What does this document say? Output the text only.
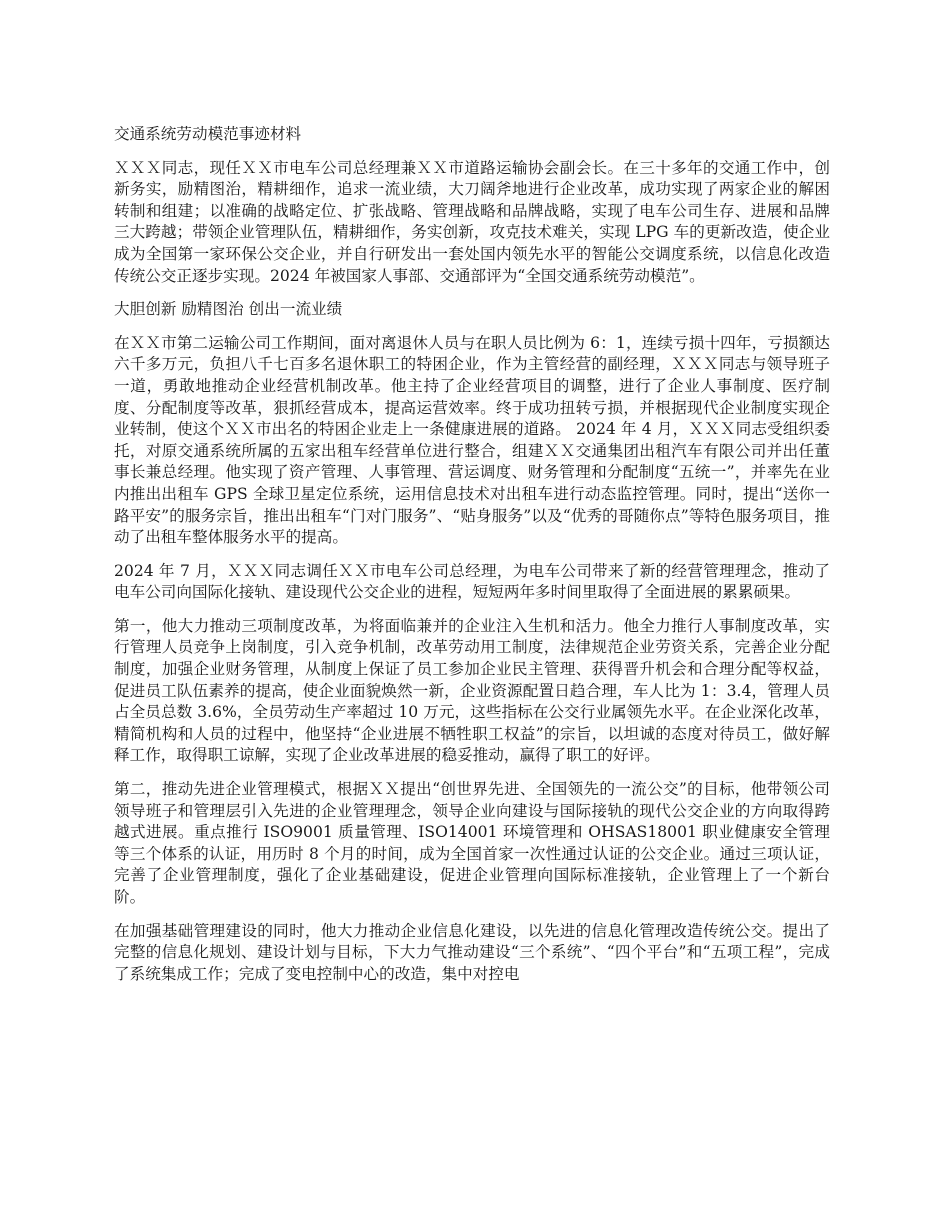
交通系统劳动模范事迹材料

ＸＸＸ同志，现任ＸＸ市电车公司总经理兼ＸＸ市道路运输协会副会长。在三十多年的交通工作中，创新务实，励精图治，精耕细作，追求一流业绩，大刀阔斧地进行企业改革，成功实现了两家企业的解困转制和组建；以准确的战略定位、扩张战略、管理战略和品牌战略，实现了电车公司生存、进展和品牌三大跨越；带领企业管理队伍，精耕细作，务实创新，攻克技术难关，实现 LPG 车的更新改造，使企业成为全国第一家环保公交企业，并自行研发出一套处国内领先水平的智能公交调度系统，以信息化改造传统公交正逐步实现。2024 年被国家人事部、交通部评为“全国交通系统劳动模范”。

大胆创新 励精图治 创出一流业绩

在ＸＸ市第二运输公司工作期间，面对离退休人员与在职人员比例为 6：1，连续亏损十四年，亏损额达六千多万元，负担八千七百多名退休职工的特困企业，作为主管经营的副经理，ＸＸＸ同志与领导班子一道，勇敢地推动企业经营机制改革。他主持了企业经营项目的调整，进行了企业人事制度、医疗制度、分配制度等改革，狠抓经营成本，提高运营效率。终于成功扭转亏损，并根据现代企业制度实现企业转制，使这个ＸＸ市出名的特困企业走上一条健康进展的道路。 2024 年 4 月，ＸＸＸ同志受组织委托，对原交通系统所属的五家出租车经营单位进行整合，组建ＸＸ交通集团出租汽车有限公司并出任董事长兼总经理。他实现了资产管理、人事管理、营运调度、财务管理和分配制度“五统一”，并率先在业内推出出租车 GPS 全球卫星定位系统，运用信息技术对出租车进行动态监控管理。同时，提出“送你一路平安”的服务宗旨，推出出租车“门对门服务”、“贴身服务”以及“优秀的哥随你点”等特色服务项目，推动了出租车整体服务水平的提高。

2024 年 7 月，ＸＸＸ同志调任ＸＸ市电车公司总经理，为电车公司带来了新的经营管理理念，推动了电车公司向国际化接轨、建设现代公交企业的进程，短短两年多时间里取得了全面进展的累累硕果。

第一，他大力推动三项制度改革，为将面临兼并的企业注入生机和活力。他全力推行人事制度改革，实行管理人员竞争上岗制度，引入竞争机制，改革劳动用工制度，法律规范企业劳资关系，完善企业分配制度，加强企业财务管理，从制度上保证了员工参加企业民主管理、获得晋升机会和合理分配等权益，促进员工队伍素养的提高，使企业面貌焕然一新，企业资源配置日趋合理，车人比为 1：3.4，管理人员占全员总数 3.6%，全员劳动生产率超过 10 万元，这些指标在公交行业属领先水平。在企业深化改革，精简机构和人员的过程中，他坚持“企业进展不牺牲职工权益”的宗旨，以坦诚的态度对待员工，做好解释工作，取得职工谅解，实现了企业改革进展的稳妥推动，赢得了职工的好评。

第二，推动先进企业管理模式，根据ＸＸ提出“创世界先进、全国领先的一流公交”的目标，他带领公司领导班子和管理层引入先进的企业管理理念，领导企业向建设与国际接轨的现代公交企业的方向取得跨越式进展。重点推行 ISO9001 质量管理、ISO14001 环境管理和 OHSAS18001 职业健康安全管理等三个体系的认证，用历时 8 个月的时间，成为全国首家一次性通过认证的公交企业。通过三项认证，完善了企业管理制度，强化了企业基础建设，促进企业管理向国际标准接轨，企业管理上了一个新台阶。

在加强基础管理建设的同时，他大力推动企业信息化建设，以先进的信息化管理改造传统公交。提出了完整的信息化规划、建设计划与目标，下大力气推动建设“三个系统”、“四个平台”和“五项工程”，完成了系统集成工作；完成了变电控制中心的改造，集中对控电
